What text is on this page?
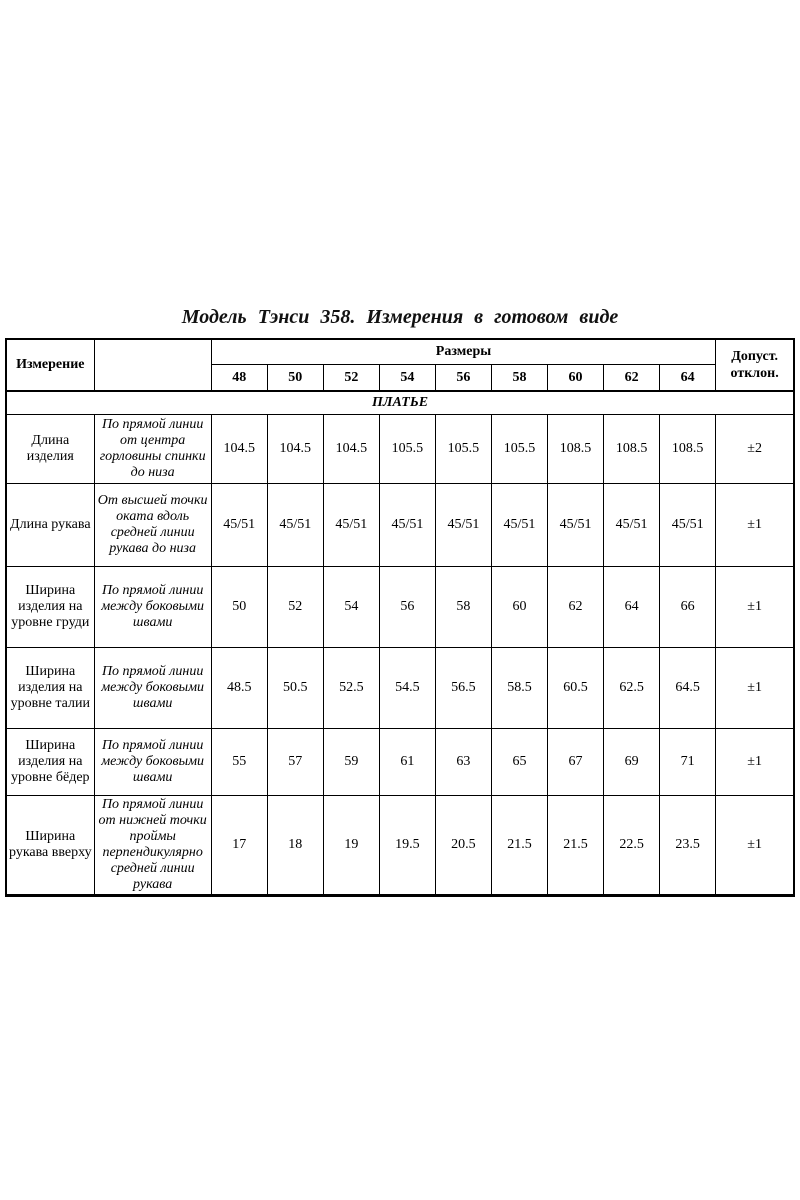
Модель Тэнси 358. Измерения в готовом виде
Измерение		Размеры									Допуст.
отклон.
		48	50	52	54	56	58	60	62	64	
ПЛАТЬЕ											
Длина изделия	По прямой линии от центра горловины спинки до низа	104.5	104.5	104.5	105.5	105.5	105.5	108.5	108.5	108.5	±2
Длина рукава	От высшей точки оката вдоль средней линии рукава до низа	45/51	45/51	45/51	45/51	45/51	45/51	45/51	45/51	45/51	±1
Ширина изделия на уровне груди	По прямой линии между боковыми швами	50	52	54	56	58	60	62	64	66	±1
Ширина изделия на уровне талии	По прямой линии между боковыми швами	48.5	50.5	52.5	54.5	56.5	58.5	60.5	62.5	64.5	±1
Ширина изделия на уровне бёдер	По прямой линии между боковыми швами	55	57	59	61	63	65	67	69	71	±1
Ширина рукава вверху	По прямой линии от нижней точки проймы перпендикулярно средней линии рукава	17	18	19	19.5	20.5	21.5	21.5	22.5	23.5	±1
